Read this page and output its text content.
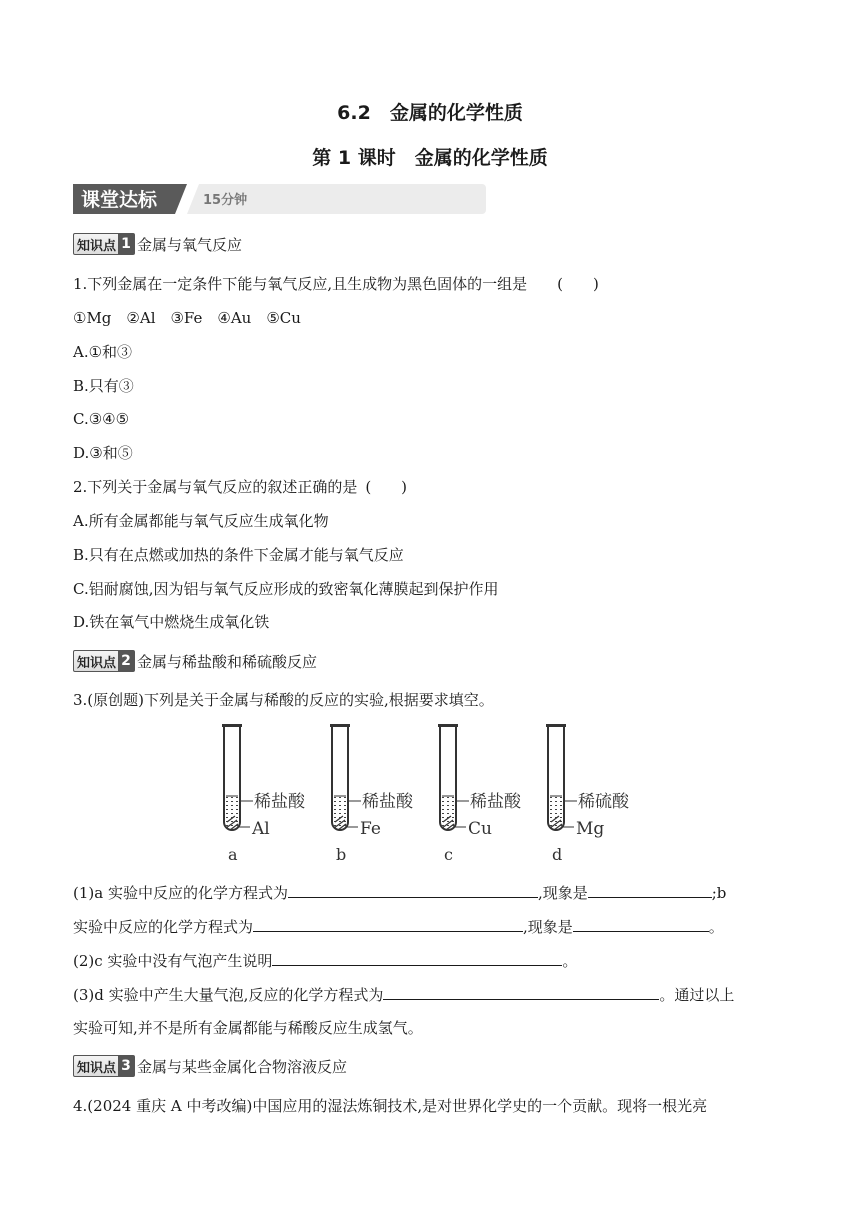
6.2　金属的化学性质
第 1 课时　金属的化学性质
课堂达标	15分钟
知识点 1 金属与氧气反应
1.下列金属在一定条件下能与氧气反应,且生成物为黑色固体的一组是 (　　)
①Mg　②Al　③Fe　④Au　⑤Cu
A.①和③
B.只有③
C.③④⑤
D.③和⑤
2.下列关于金属与氧气反应的叙述正确的是 (　　)
A.所有金属都能与氧气反应生成氧化物
B.只有在点燃或加热的条件下金属才能与氧气反应
C.铝耐腐蚀,因为铝与氧气反应形成的致密氧化薄膜起到保护作用
D.铁在氧气中燃烧生成氧化铁
知识点 2 金属与稀盐酸和稀硫酸反应
3.(原创题)下列是关于金属与稀酸的反应的实验,根据要求填空。
稀盐酸
Al
a
稀盐酸
Fe
b
稀盐酸
Cu
c
稀硫酸
Mg
d
(1)a 实验中反应的化学方程式为	,现象是	;b
实验中反应的化学方程式为	,现象是	。
(2)c 实验中没有气泡产生说明	。
(3)d 实验中产生大量气泡,反应的化学方程式为	。通过以上
实验可知,并不是所有金属都能与稀酸反应生成氢气。
知识点 3 金属与某些金属化合物溶液反应
4.(2024 重庆 A 中考改编)中国应用的湿法炼铜技术,是对世界化学史的一个贡献。现将一根光亮
